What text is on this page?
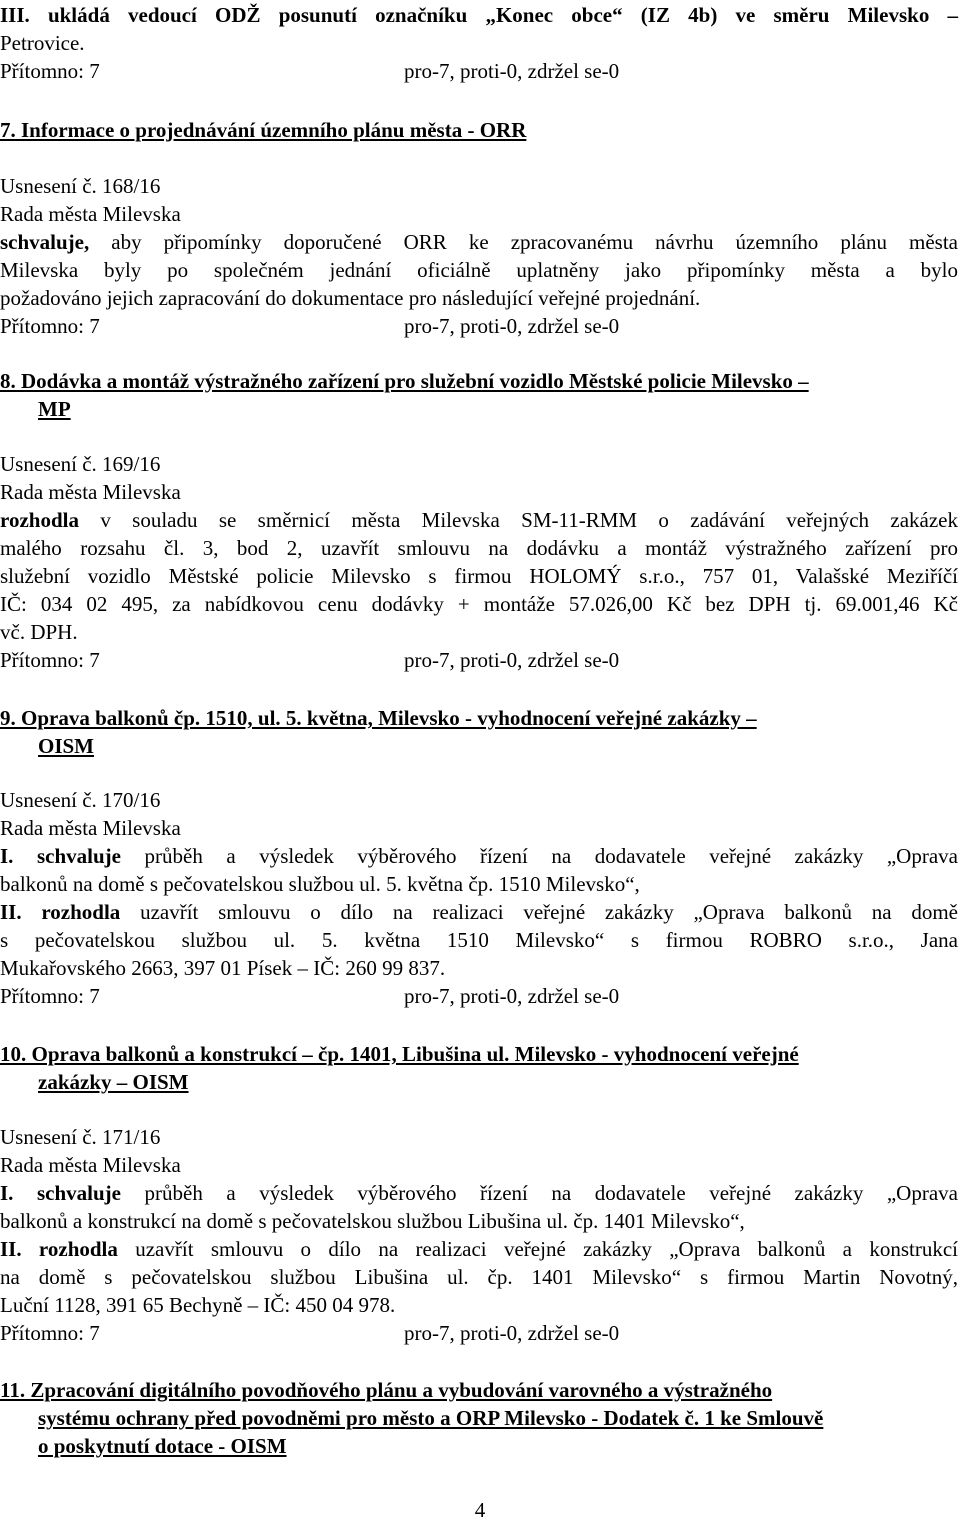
III. ukládá vedoucí ODŽ posunutí označníku „Konec obce“ (IZ 4b) ve směru Milevsko –
Petrovice.
Přítomno: 7	pro-7, proti-0, zdržel se-0
7. Informace o projednávání územního plánu města - ORR
Usnesení č. 168/16
Rada města Milevska
schvaluje, aby připomínky doporučené ORR ke zpracovanému návrhu územního plánu města
Milevska byly po společném jednání oficiálně uplatněny jako připomínky města a bylo
požadováno jejich zapracování do dokumentace pro následující veřejné projednání.
Přítomno: 7	pro-7, proti-0, zdržel se-0
8. Dodávka a montáž výstražného zařízení pro služební vozidlo Městské policie Milevsko –
MP
Usnesení č. 169/16
Rada města Milevska
rozhodla v souladu se směrnicí města Milevska SM-11-RMM o zadávání veřejných zakázek
malého rozsahu čl. 3, bod 2, uzavřít smlouvu na dodávku a montáž výstražného zařízení pro
služební vozidlo Městské policie Milevsko s firmou HOLOMÝ s.r.o., 757 01, Valašské Meziříčí
IČ: 034 02 495, za nabídkovou cenu dodávky + montáže 57.026,00 Kč bez DPH tj. 69.001,46 Kč
vč. DPH.
Přítomno: 7	pro-7, proti-0, zdržel se-0
9. Oprava balkonů čp. 1510, ul. 5. května, Milevsko - vyhodnocení veřejné zakázky –
OISM
Usnesení č. 170/16
Rada města Milevska
I. schvaluje průběh a výsledek výběrového řízení na dodavatele veřejné zakázky „Oprava
balkonů na domě s pečovatelskou službou ul. 5. května čp. 1510 Milevsko“,
II. rozhodla uzavřít smlouvu o dílo na realizaci veřejné zakázky „Oprava balkonů na domě
s pečovatelskou službou ul. 5. května 1510 Milevsko“ s firmou ROBRO s.r.o., Jana
Mukařovského 2663, 397 01 Písek – IČ: 260 99 837.
Přítomno: 7	pro-7, proti-0, zdržel se-0
10. Oprava balkonů a konstrukcí – čp. 1401, Libušina ul. Milevsko - vyhodnocení veřejné
zakázky – OISM
Usnesení č. 171/16
Rada města Milevska
I. schvaluje průběh a výsledek výběrového řízení na dodavatele veřejné zakázky „Oprava
balkonů a konstrukcí na domě s pečovatelskou službou Libušina ul. čp. 1401 Milevsko“,
II. rozhodla uzavřít smlouvu o dílo na realizaci veřejné zakázky „Oprava balkonů a konstrukcí
na domě s pečovatelskou službou Libušina ul. čp. 1401 Milevsko“ s firmou Martin Novotný,
Luční 1128, 391 65 Bechyně – IČ: 450 04 978.
Přítomno: 7	pro-7, proti-0, zdržel se-0
11. Zpracování digitálního povodňového plánu a vybudování varovného a výstražného
systému ochrany před povodněmi pro město a ORP Milevsko - Dodatek č. 1 ke Smlouvě
o poskytnutí dotace - OISM
4
